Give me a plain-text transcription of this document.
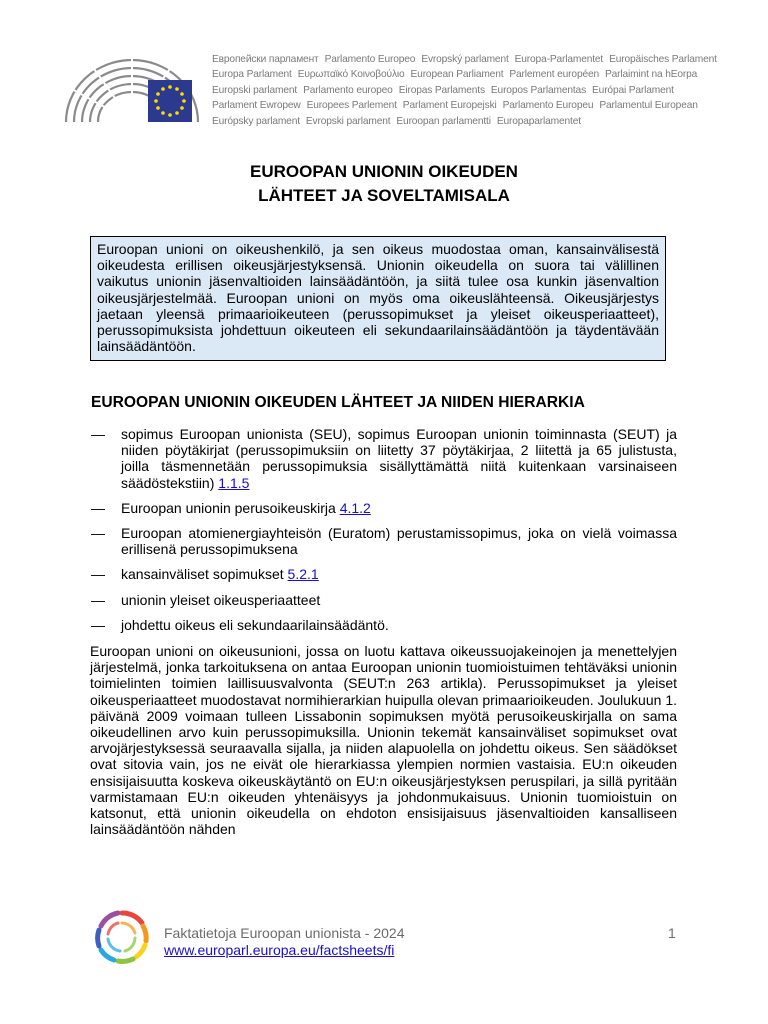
Европейски парламент Parlamento Europeo Evropský parlament Europa-Parlamentet Europäisches Parlament
Europa Parlament Ευρωπαϊκό Κοινοβούλιο European Parliament Parlement européen Parlaimint na hEorpa
Europski parlament Parlamento europeo Eiropas Parlaments Europos Parlamentas Európai Parlament
Parlament Ewropew Europees Parlement Parlament Europejski Parlamento Europeu Parlamentul European
Európsky parlament Evropski parlament Euroopan parlamentti Europaparlamentet
EUROOPAN UNIONIN OIKEUDEN
LÄHTEET JA SOVELTAMISALA
Euroopan unioni on oikeushenkilö, ja sen oikeus muodostaa oman, kansainvälisestä oikeudesta erillisen oikeusjärjestyksensä. Unionin oikeudella on suora tai välillinen vaikutus unionin jäsenvaltioiden lainsäädäntöön, ja siitä tulee osa kunkin jäsenvaltion oikeusjärjestelmää. Euroopan unioni on myös oma oikeuslähteensä. Oikeusjärjestys jaetaan yleensä primaarioikeuteen (perussopimukset ja yleiset oikeusperiaatteet), perussopimuksista johdettuun oikeuteen eli sekundaarilainsäädäntöön ja täydentävään lainsäädäntöön.
EUROOPAN UNIONIN OIKEUDEN LÄHTEET JA NIIDEN HIERARKIA
— sopimus Euroopan unionista (SEU), sopimus Euroopan unionin toiminnasta (SEUT) ja niiden pöytäkirjat (perussopimuksiin on liitetty 37 pöytäkirjaa, 2 liitettä ja 65 julistusta, joilla täsmennetään perussopimuksia sisällyttämättä niitä kuitenkaan varsinaiseen säädöstekstiin) 1.1.5
— Euroopan unionin perusoikeuskirja 4.1.2
— Euroopan atomienergiayhteisön (Euratom) perustamissopimus, joka on vielä voimassa erillisenä perussopimuksena
— kansainväliset sopimukset 5.2.1
— unionin yleiset oikeusperiaatteet
— johdettu oikeus eli sekundaarilainsäädäntö.
Euroopan unioni on oikeusunioni, jossa on luotu kattava oikeussuojakeinojen ja menettelyjen järjestelmä, jonka tarkoituksena on antaa Euroopan unionin tuomioistuimen tehtäväksi unionin toimielinten toimien laillisuusvalvonta (SEUT:n 263 artikla). Perussopimukset ja yleiset oikeusperiaatteet muodostavat normihierarkian huipulla olevan primaarioikeuden. Joulukuun 1. päivänä 2009 voimaan tulleen Lissabonin sopimuksen myötä perusoikeuskirjalla on sama oikeudellinen arvo kuin perussopimuksilla. Unionin tekemät kansainväliset sopimukset ovat arvojärjestyksessä seuraavalla sijalla, ja niiden alapuolella on johdettu oikeus. Sen säädökset ovat sitovia vain, jos ne eivät ole hierarkiassa ylempien normien vastaisia. EU:n oikeuden ensisijaisuutta koskeva oikeuskäytäntö on EU:n oikeusjärjestyksen peruspilari, ja sillä pyritään varmistamaan EU:n oikeuden yhtenäisyys ja johdonmukaisuus. Unionin tuomioistuin on katsonut, että unionin oikeudella on ehdoton ensisijaisuus jäsenvaltioiden kansalliseen lainsäädäntöön nähden
Faktatietoja Euroopan unionista - 2024
www.europarl.europa.eu/factsheets/fi
1
